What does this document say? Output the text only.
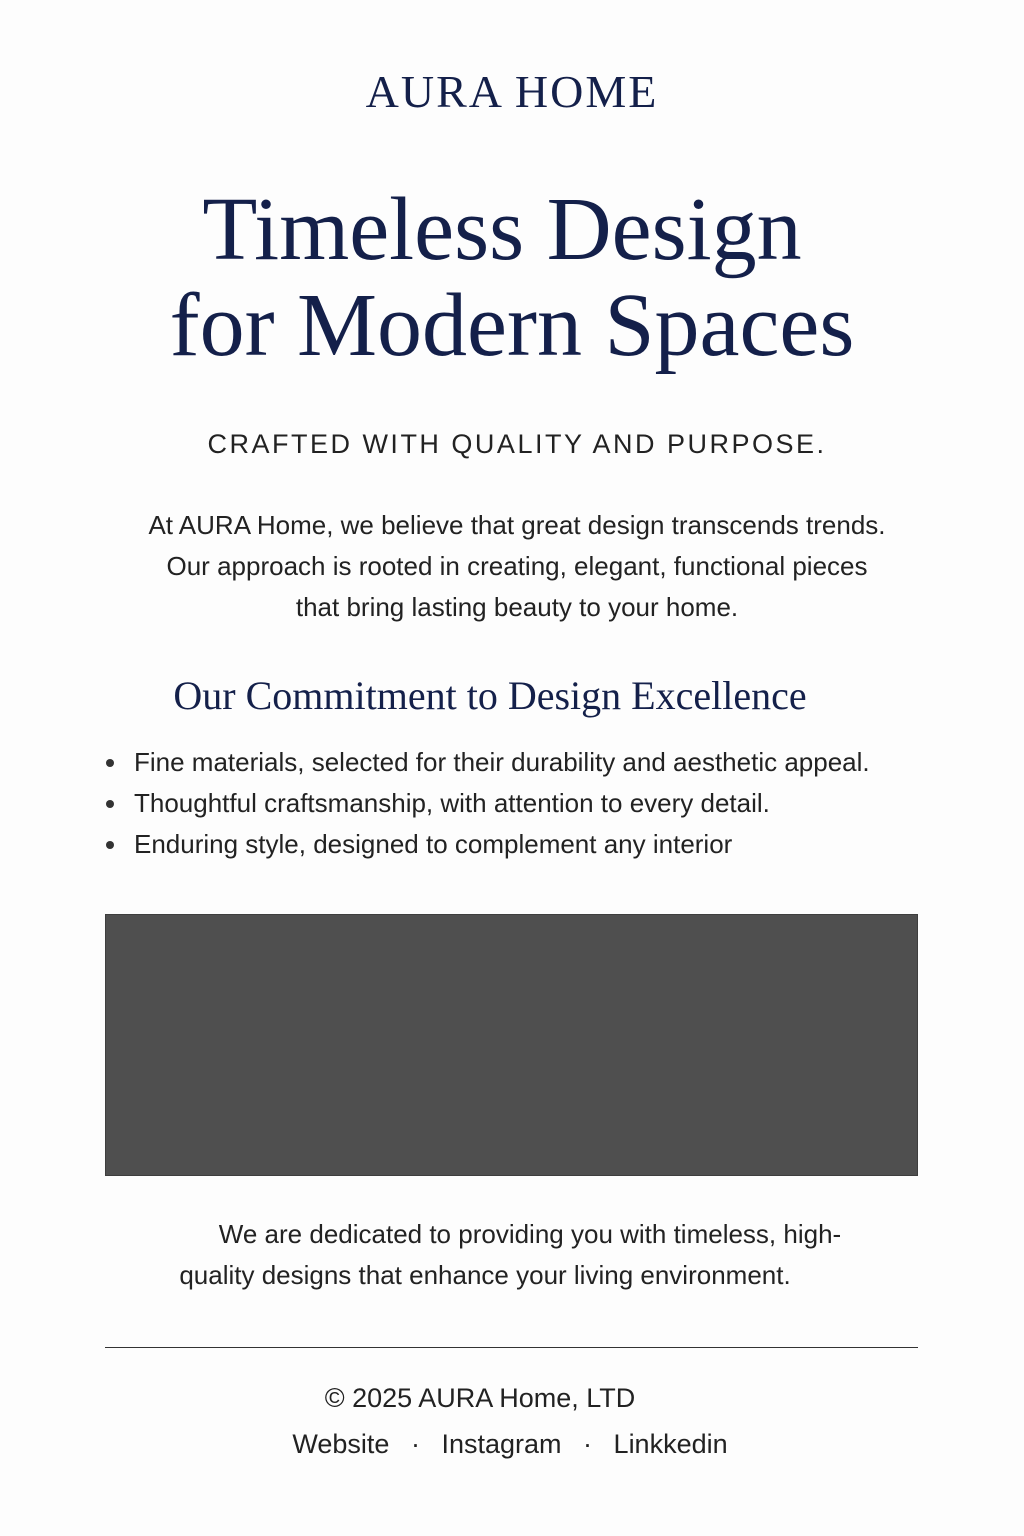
AURA HOME
Timeless Design
for Modern Spaces
CRAFTED WITH QUALITY AND PURPOSE.
At AURA Home, we believe that great design transcends trends.
Our approach is rooted in creating, elegant, functional pieces
that bring lasting beauty to your home.
Our Commitment to Design Excellence
Fine materials, selected for their durability and aesthetic appeal.
Thoughtful craftsmanship, with attention to every detail.
Enduring style, designed to complement any interior
We are dedicated to providing you with timeless, high-
quality designs that enhance your living environment.
© 2025 AURA Home, LTD
Website · Instagram · Linkkedin
